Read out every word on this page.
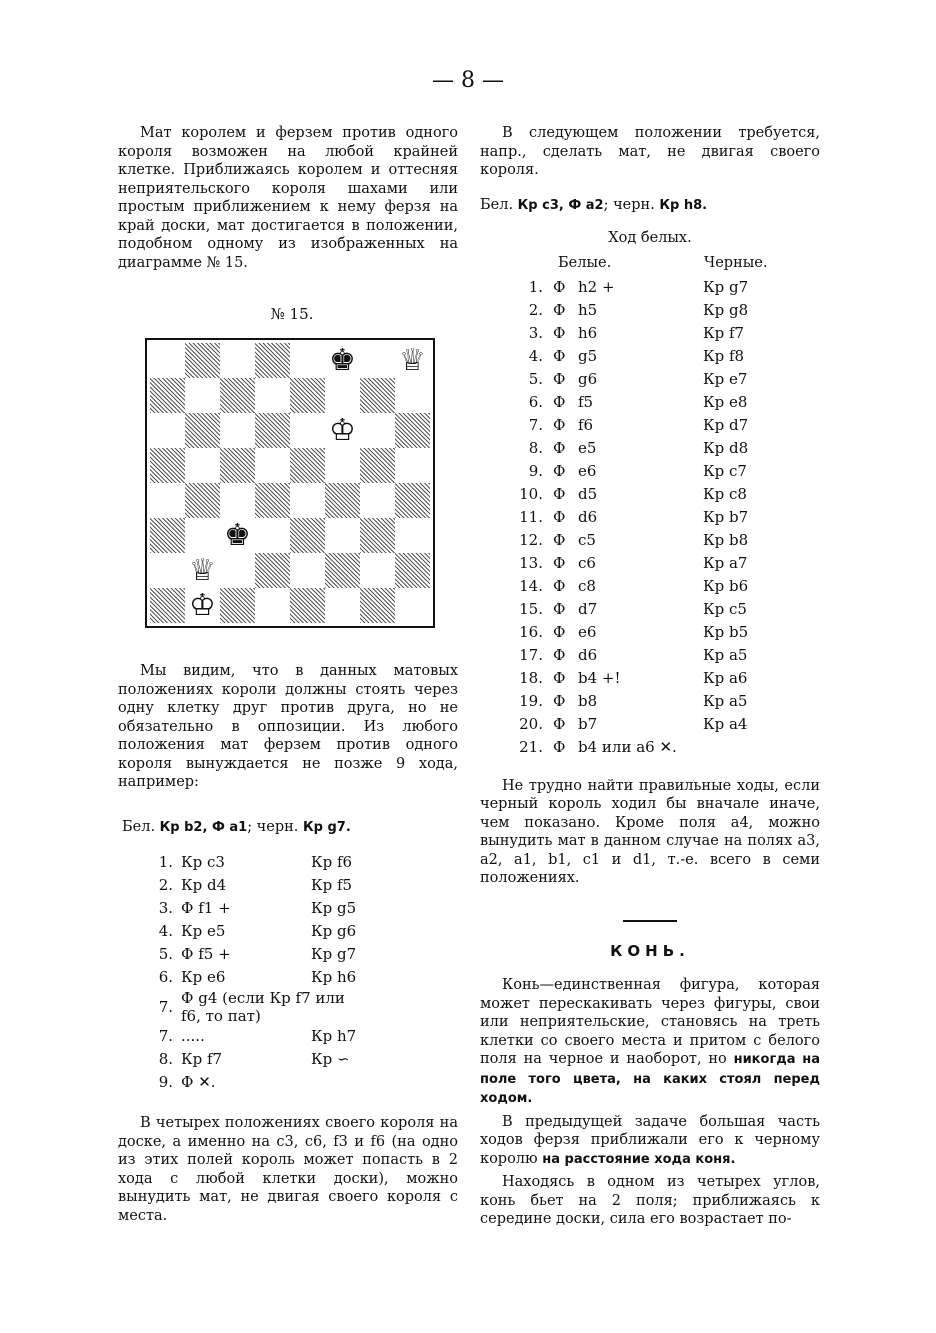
— 8 —

Мат королем и ферзем против одного короля возможен на любой крайней клетке. Приближаясь королем и оттесняя неприятельского короля шахами или простым приближением к нему ферзя на край доски, мат достигается в положении, подобном одному из изображенных на диаграмме № 15.

№ 15.
♚ ♕
♔
♚
♕
♔

Мы видим, что в данных матовых положениях короли должны стоять через одну клетку друг против друга, но не обязательно в оппозиции. Из любого положения мат ферзем против одного короля вынуждается не позже 9 хода, например:

Бел. Кр b2, Ф а1; черн. Кр g7.

1.	Кр c3	Кр f6
2.	Кр d4	Кр f5
3.	Ф f1 +	Кр g5
4.	Кр e5	Кр g6
5.	Ф f5 +	Кр g7
6.	Кр e6	Кр h6
7.	Ф g4 (если Кр f7 или f6, то пат)	
7.	.....	Кр h7
8.	Кр f7	Кр ∽
9.	Ф ✕.	

В четырех положениях своего короля на доске, а именно на c3, c6, f3 и f6 (на одно из этих полей король может попасть в 2 хода с любой клетки доски), можно вынудить мат, не двигая своего короля с места.

В следующем положении требуется, напр., сделать мат, не двигая своего короля.

Бел. Кр c3, Ф а2; черн. Кр h8.

Ход белых.
Белые.	Черные.
1.	Ф	h2 +	Кр g7
2.	Ф	h5	Кр g8
3.	Ф	h6	Кр f7
4.	Ф	g5	Кр f8
5.	Ф	g6	Кр e7
6.	Ф	f5	Кр e8
7.	Ф	f6	Кр d7
8.	Ф	e5	Кр d8
9.	Ф	e6	Кр c7
10.	Ф	d5	Кр c8
11.	Ф	d6	Кр b7
12.	Ф	c5	Кр b8
13.	Ф	c6	Кр a7
14.	Ф	c8	Кр b6
15.	Ф	d7	Кр c5
16.	Ф	e6	Кр b5
17.	Ф	d6	Кр a5
18.	Ф	b4 +!	Кр a6
19.	Ф	b8	Кр a5
20.	Ф	b7	Кр a4
21.	Ф	b4 или a6 ✕.	

Не трудно найти правильные ходы, если черный король ходил бы вначале иначе, чем показано. Кроме поля a4, можно вынудить мат в данном случае на полях a3, a2, a1, b1, c1 и d1, т.-е. всего в семи положениях.

КОНЬ.

Конь—единственная фигура, которая может перескакивать через фигуры, свои или неприятельские, становясь на треть клетки со своего места и притом с белого поля на черное и наоборот, но никогда на поле того цвета, на каких стоял перед ходом.

В предыдущей задаче большая часть ходов ферзя приближали его к черному королю на расстояние хода коня.

Находясь в одном из четырех углов, конь бьет на 2 поля; приближаясь к середине доски, сила его возрастает по-
